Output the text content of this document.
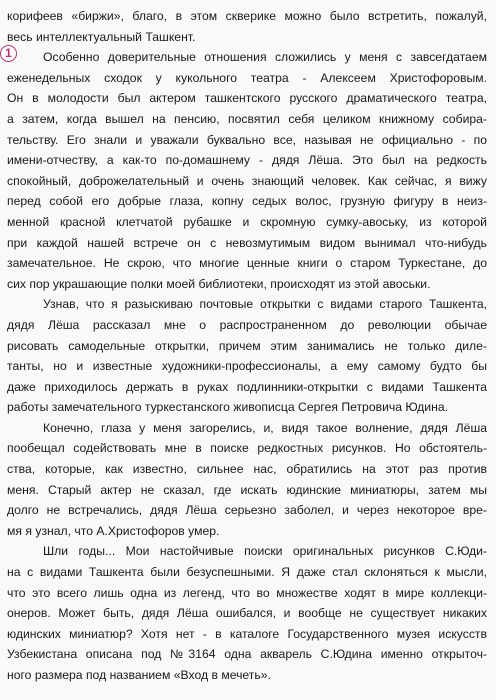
1
корифеев «биржи», благо, в этом скверике можно было встретить, пожалуй,
весь интеллектуальный Ташкент.
Особенно доверительные отношения сложились у меня с завсегдатаем
еженедельных сходок у кукольного театра - Алексеем Христофоровым.
Он в молодости был актером ташкентского русского драматического театра,
а затем, когда вышел на пенсию, посвятил себя целиком книжному собира-
тельству. Его знали и уважали буквально все, называя не официально - по
имени-отчеству, а как-то по-домашнему - дядя Лёша. Это был на редкость
спокойный, доброжелательный и очень знающий человек. Как сейчас, я вижу
перед собой его добрые глаза, копну седых волос, грузную фигуру в неиз-
менной красной клетчатой рубашке и скромную сумку-авоську, из которой
при каждой нашей встрече он с невозмутимым видом вынимал что-нибудь
замечательное. Не скрою, что многие ценные книги о старом Туркестане, до
сих пор украшающие полки моей библиотеки, происходят из этой авоськи.
Узнав, что я разыскиваю почтовые открытки с видами старого Ташкента,
дядя Лёша рассказал мне о распространенном до революции обычае
рисовать самодельные открытки, причем этим занимались не только диле-
танты, но и известные художники-профессионалы, а ему самому будто бы
даже приходилось держать в руках подлинники-открытки с видами Ташкента
работы замечательного туркестанского живописца Сергея Петровича Юдина.
Конечно, глаза у меня загорелись, и, видя такое волнение, дядя Лёша
пообещал содействовать мне в поиске редкостных рисунков. Но обстоятель-
ства, которые, как известно, сильнее нас, обратились на этот раз против
меня. Старый актер не сказал, где искать юдинские миниатюры, затем мы
долго не встречались, дядя Лёша серьезно заболел, и через некоторое вре-
мя я узнал, что А.Христофоров умер.
Шли годы... Мои настойчивые поиски оригинальных рисунков С.Юди-
на с видами Ташкента были безуспешными. Я даже стал склоняться к мысли,
что это всего лишь одна из легенд, что во множестве ходят в мире коллекци-
онеров. Может быть, дядя Лёша ошибался, и вообще не существует никаких
юдинских миниатюр? Хотя нет - в каталоге Государственного музея искусств
Узбекистана описана под №3164 одна акварель С.Юдина именно открыточ-
ного размера под названием «Вход в мечеть».
